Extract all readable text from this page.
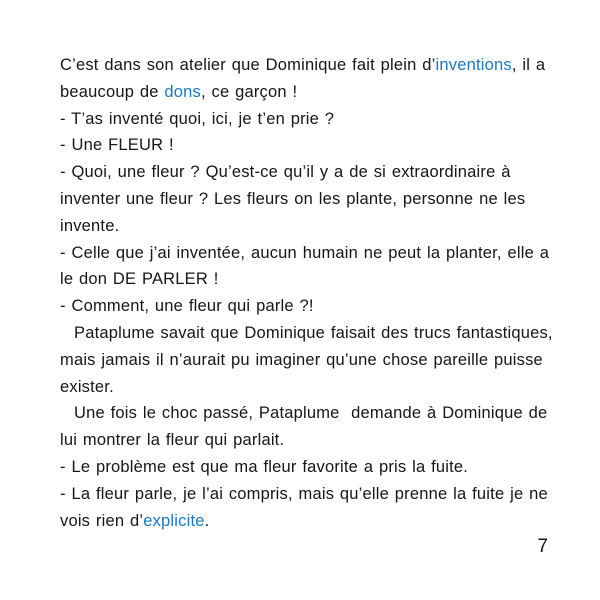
C’est dans son atelier que Dominique fait plein d’inventions, il a
beaucoup de dons, ce garçon !
- T’as inventé quoi, ici, je t’en prie ?
- Une FLEUR !
- Quoi, une fleur ? Qu’est-ce qu’il y a de si extraordinaire à
inventer une fleur ? Les fleurs on les plante, personne ne les
invente.
- Celle que j’ai inventée, aucun humain ne peut la planter, elle a
le don DE PARLER !
- Comment, une fleur qui parle ?!
Pataplume savait que Dominique faisait des trucs fantastiques,
mais jamais il n’aurait pu imaginer qu’une chose pareille puisse
exister.
Une fois le choc passé, Pataplume  demande à Dominique de
lui montrer la fleur qui parlait.
- Le problème est que ma fleur favorite a pris la fuite.
- La fleur parle, je l’ai compris, mais qu’elle prenne la fuite je ne
vois rien d’explicite.
7
